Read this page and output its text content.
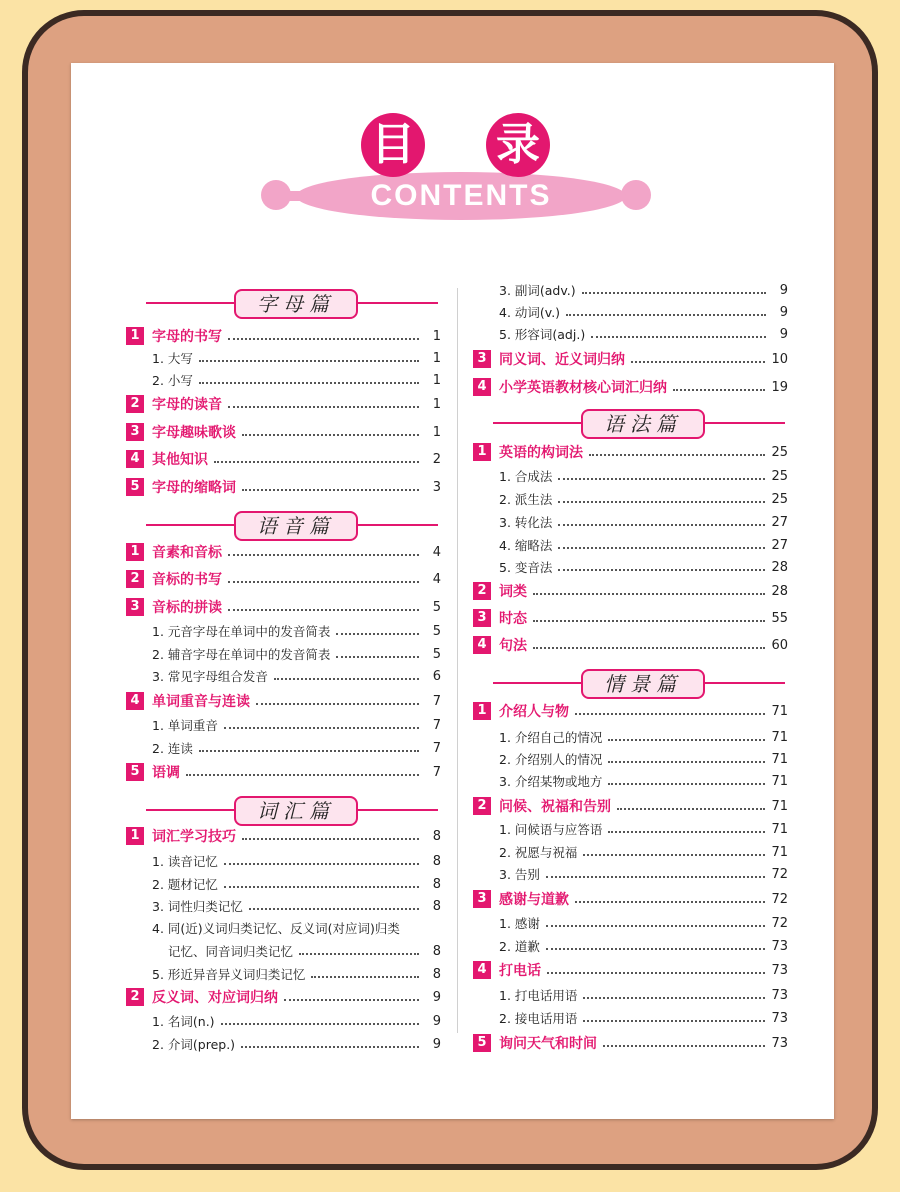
目 录
CONTENTS
字母篇
语音篇
词汇篇
1 字母的书写	1
1. 大写	1
2. 小写	1
2 字母的读音	1
3 字母趣味歌谈	1
4 其他知识	2
5 字母的缩略词	3
1 音素和音标	4
2 音标的书写	4
3 音标的拼读	5
1. 元音字母在单词中的发音简表	5
2. 辅音字母在单词中的发音简表	5
3. 常见字母组合发音	6
4 单词重音与连读	7
1. 单词重音	7
2. 连读	7
5 语调	7
1 词汇学习技巧	8
1. 读音记忆	8
2. 题材记忆	8
3. 词性归类记忆	8
4. 同(近)义词归类记忆、反义词(对应词)归类
记忆、同音词归类记忆	8
5. 形近异音异义词归类记忆	8
2 反义词、对应词归纳	9
1. 名词(n.)	9
2. 介词(prep.)	9
语法篇
情景篇
3. 副词(adv.)	9
4. 动词(v.)	9
5. 形容词(adj.)	9
3 同义词、近义词归纳	10
4 小学英语教材核心词汇归纳	19
1 英语的构词法	25
1. 合成法	25
2. 派生法	25
3. 转化法	27
4. 缩略法	27
5. 变音法	28
2 词类	28
3 时态	55
4 句法	60
1 介绍人与物	71
1. 介绍自己的情况	71
2. 介绍别人的情况	71
3. 介绍某物或地方	71
2 问候、祝福和告别	71
1. 问候语与应答语	71
2. 祝愿与祝福	71
3. 告别	72
3 感谢与道歉	72
1. 感谢	72
2. 道歉	73
4 打电话	73
1. 打电话用语	73
2. 接电话用语	73
5 询问天气和时间	73
